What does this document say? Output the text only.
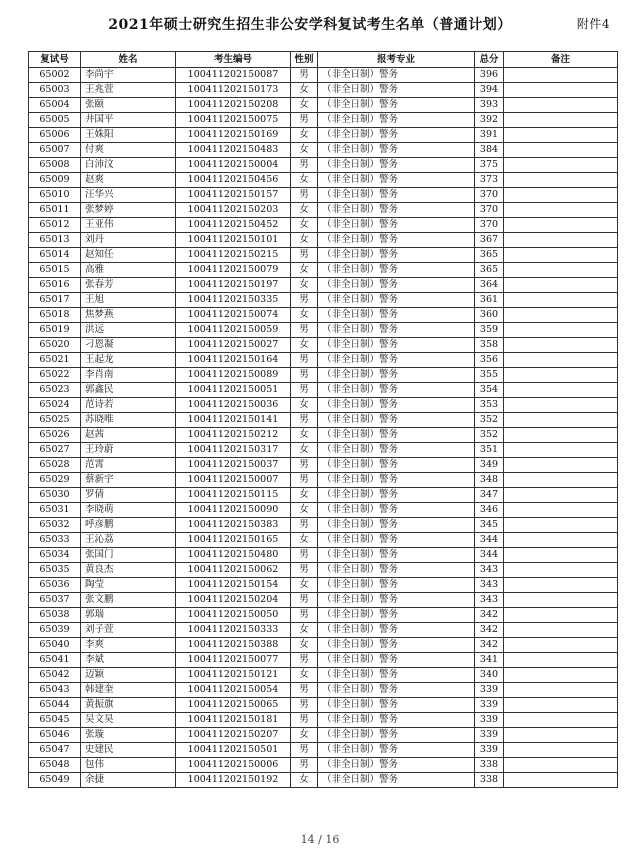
2021年硕士研究生招生非公安学科复试考生名单（普通计划）	附件4
复试号	姓名	考生编号	性别	报考专业	总分	备注
65002	李尚宇	100411202150087	男	（非全日制）警务	396	
65003	王兆萱	100411202150173	女	（非全日制）警务	394	
65004	张颐	100411202150208	女	（非全日制）警务	393	
65005	井国平	100411202150075	男	（非全日制）警务	392	
65006	王姝阳	100411202150169	女	（非全日制）警务	391	
65007	付爽	100411202150483	女	（非全日制）警务	384	
65008	白沛汶	100411202150004	男	（非全日制）警务	375	
65009	赵爽	100411202150456	女	（非全日制）警务	373	
65010	汪华兴	100411202150157	男	（非全日制）警务	370	
65011	张梦婷	100411202150203	女	（非全日制）警务	370	
65012	王亚伟	100411202150452	女	（非全日制）警务	370	
65013	刘丹	100411202150101	女	（非全日制）警务	367	
65014	赵知任	100411202150215	男	（非全日制）警务	365	
65015	高雅	100411202150079	女	（非全日制）警务	365	
65016	张春芳	100411202150197	女	（非全日制）警务	364	
65017	王旭	100411202150335	男	（非全日制）警务	361	
65018	焦梦燕	100411202150074	女	（非全日制）警务	360	
65019	洪远	100411202150059	男	（非全日制）警务	359	
65020	刁恩凝	100411202150027	女	（非全日制）警务	358	
65021	王起龙	100411202150164	男	（非全日制）警务	356	
65022	李肖南	100411202150089	男	（非全日制）警务	355	
65023	郭鑫民	100411202150051	男	（非全日制）警务	354	
65024	范诗若	100411202150036	女	（非全日制）警务	353	
65025	苏晓唯	100411202150141	男	（非全日制）警务	352	
65026	赵茜	100411202150212	女	（非全日制）警务	352	
65027	王玲蔚	100411202150317	女	（非全日制）警务	351	
65028	范霄	100411202150037	男	（非全日制）警务	349	
65029	蔡新宇	100411202150007	男	（非全日制）警务	348	
65030	罗倩	100411202150115	女	（非全日制）警务	347	
65031	李晓萌	100411202150090	女	（非全日制）警务	346	
65032	呼彦鹏	100411202150383	男	（非全日制）警务	345	
65033	王沁荔	100411202150165	女	（非全日制）警务	344	
65034	张国门	100411202150480	男	（非全日制）警务	344	
65035	黄良杰	100411202150062	男	（非全日制）警务	343	
65036	陶莹	100411202150154	女	（非全日制）警务	343	
65037	张文鹏	100411202150204	男	（非全日制）警务	343	
65038	郭瑞	100411202150050	男	（非全日制）警务	342	
65039	刘子萱	100411202150333	女	（非全日制）警务	342	
65040	李爽	100411202150388	女	（非全日制）警务	342	
65041	李斌	100411202150077	男	（非全日制）警务	341	
65042	迈颖	100411202150121	女	（非全日制）警务	340	
65043	韩建奎	100411202150054	男	（非全日制）警务	339	
65044	黄振旗	100411202150065	男	（非全日制）警务	339	
65045	吴文昊	100411202150181	男	（非全日制）警务	339	
65046	张璇	100411202150207	女	（非全日制）警务	339	
65047	史建民	100411202150501	男	（非全日制）警务	339	
65048	包伟	100411202150006	男	（非全日制）警务	338	
65049	余捷	100411202150192	女	（非全日制）警务	338	
14 / 16
